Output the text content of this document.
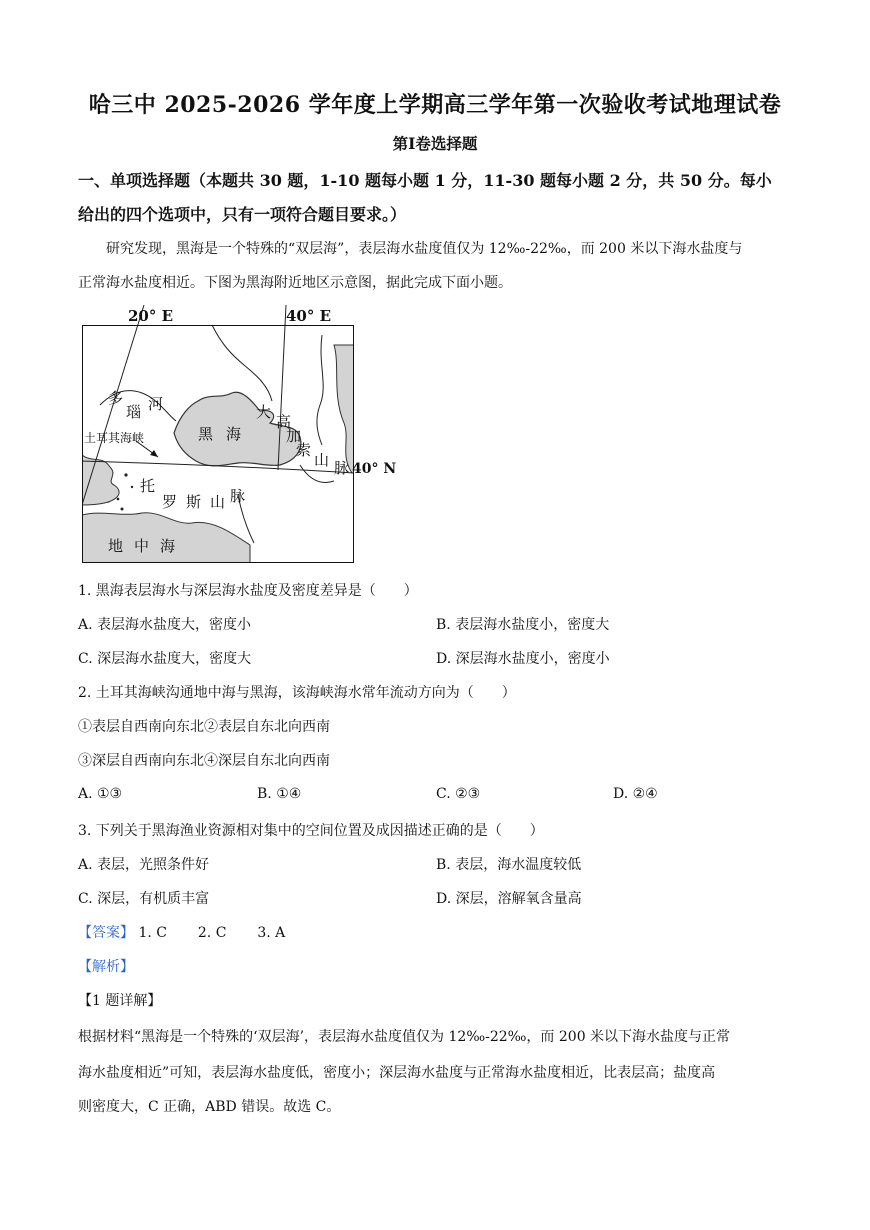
哈三中 2025-2026 学年度上学期高三学年第一次验收考试地理试卷
第Ⅰ卷选择题
一、单项选择题（本题共 30 题，1-10 题每小题 1 分，11-30 题每小题 2 分，共 50 分。每小
给出的四个选项中，只有一项符合题目要求。）
研究发现，黑海是一个特殊的“双层海”，表层海水盐度值仅为 12‰-22‰，而 200 米以下海水盐度与
正常海水盐度相近。下图为黑海附近地区示意图，据此完成下面小题。
20° E	40° E
40° N
多
瑙 河
土耳其海峡	黑 海
大
高
加
索
山 脉
托
罗 斯 山 脉
地 中 海
1. 黑海表层海水与深层海水盐度及密度差异是（　　）
A. 表层海水盐度大，密度小	B. 表层海水盐度小，密度大
C. 深层海水盐度大，密度大	D. 深层海水盐度小，密度小
2. 土耳其海峡沟通地中海与黑海，该海峡海水常年流动方向为（　　）
①表层自西南向东北②表层自东北向西南
③深层自西南向东北④深层自东北向西南
A. ①③	B. ①④	C. ②③	D. ②④
3. 下列关于黑海渔业资源相对集中的空间位置及成因描述正确的是（　　）
A. 表层，光照条件好	B. 表层，海水温度较低
C. 深层，有机质丰富	D. 深层，溶解氧含量高
【答案】 1. C 2. C 3. A
【解析】
【1 题详解】
根据材料“黑海是一个特殊的‘双层海’，表层海水盐度值仅为 12‰-22‰，而 200 米以下海水盐度与正常
海水盐度相近”可知，表层海水盐度低，密度小；深层海水盐度与正常海水盐度相近，比表层高；盐度高
则密度大，C 正确，ABD 错误。故选 C。
